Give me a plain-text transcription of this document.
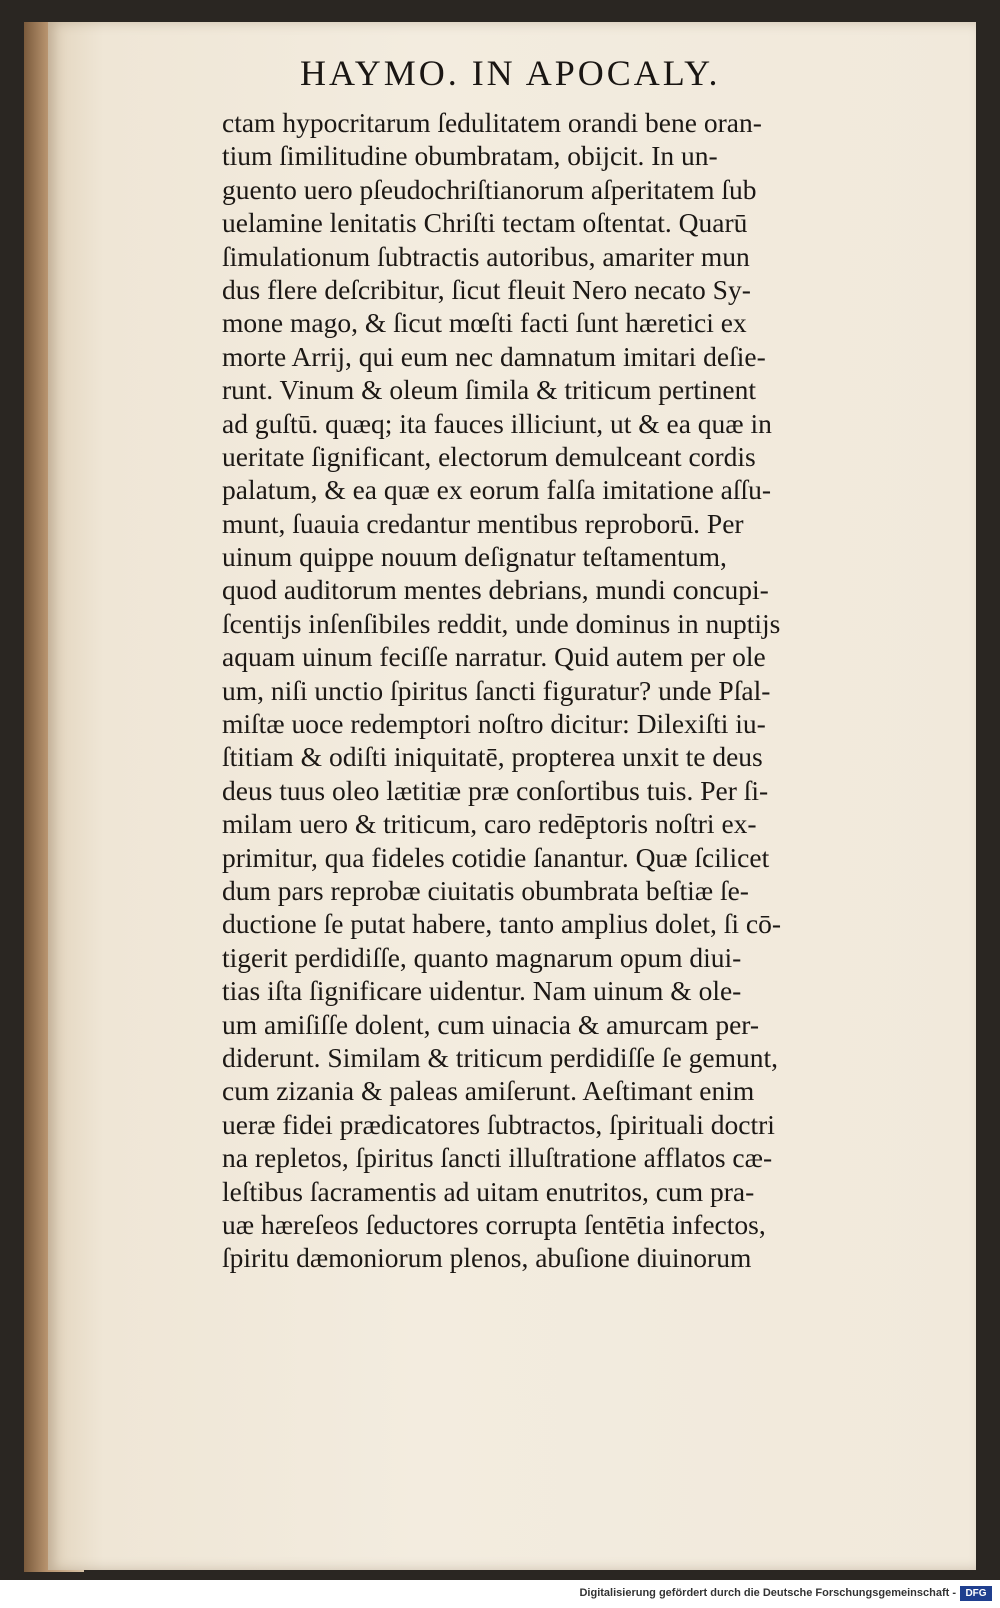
HAYMO. IN APOCALY.
ctam hypocritarum ſedulitatem orandi bene oran-
tium ſimilitudine obumbratam, obijcit. In un-
guento uero pſeudochriſtianorum aſperitatem ſub
uelamine lenitatis Chriſti tectam oſtentat. Quarū
ſimulationum ſubtractis autoribus, amariter mun
dus flere deſcribitur, ſicut fleuit Nero necato Sy-
mone mago, & ſicut mœſti facti ſunt hæretici ex
morte Arrij, qui eum nec damnatum imitari deſie-
runt. Vinum & oleum ſimila & triticum pertinent
ad guſtū. quæq; ita fauces illiciunt, ut & ea quæ in
ueritate ſignificant, electorum demulceant cordis
palatum, & ea quæ ex eorum falſa imitatione aſſu-
munt, ſuauia credantur mentibus reproborū. Per
uinum quippe nouum deſignatur teſtamentum,
quod auditorum mentes debrians, mundi concupi-
ſcentijs inſenſibiles reddit, unde dominus in nuptijs
aquam uinum feciſſe narratur. Quid autem per ole
um, niſi unctio ſpiritus ſancti figuratur? unde Pſal-
miſtæ uoce redemptori noſtro dicitur: Dilexiſti iu-
ſtitiam & odiſti iniquitatē, propterea unxit te deus
deus tuus oleo lætitiæ præ conſortibus tuis. Per ſi-
milam uero & triticum, caro redēptoris noſtri ex-
primitur, qua fideles cotidie ſanantur. Quæ ſcilicet
dum pars reprobæ ciuitatis obumbrata beſtiæ ſe-
ductione ſe putat habere, tanto amplius dolet, ſi cō-
tigerit perdidiſſe, quanto magnarum opum diui-
tias iſta ſignificare uidentur. Nam uinum & ole-
um amiſiſſe dolent, cum uinacia & amurcam per-
diderunt. Similam & triticum perdidiſſe ſe gemunt,
cum zizania & paleas amiſerunt. Aeſtimant enim
ueræ fidei prædicatores ſubtractos, ſpirituali doctri
na repletos, ſpiritus ſancti illuſtratione afflatos cæ-
leſtibus ſacramentis ad uitam enutritos, cum pra-
uæ hæreſeos ſeductores corrupta ſentētia infectos,
ſpiritu dæmoniorum plenos, abuſione diuinorum
Digitalisierung gefördert durch die Deutsche Forschungsgemeinschaft - DFG
